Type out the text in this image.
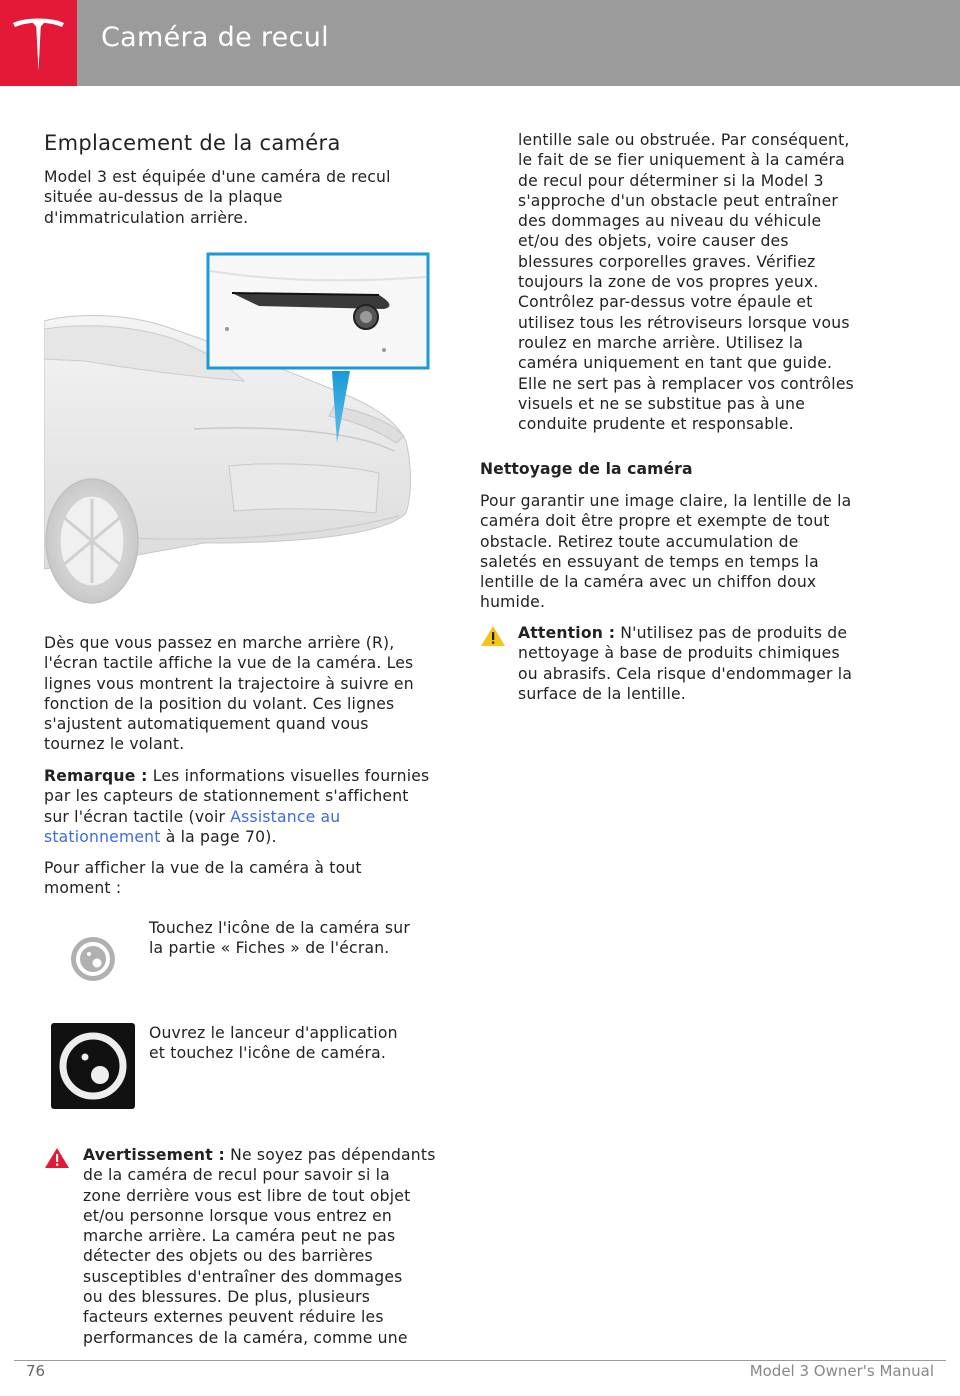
Caméra de recul
Emplacement de la caméra
Model 3 est équipée d'une caméra de recul
située au-dessus de la plaque
d'immatriculation arrière.
Dès que vous passez en marche arrière (R),
l'écran tactile affiche la vue de la caméra. Les
lignes vous montrent la trajectoire à suivre en
fonction de la position du volant. Ces lignes
s'ajustent automatiquement quand vous
tournez le volant.
Remarque : Les informations visuelles fournies
par les capteurs de stationnement s'affichent
sur l'écran tactile (voir Assistance au
stationnement à la page 70).
Pour afficher la vue de la caméra à tout
moment :
Touchez l'icône de la caméra sur
la partie « Fiches » de l'écran.
Ouvrez le lanceur d'application
et touchez l'icône de caméra.
Avertissement : Ne soyez pas dépendants
de la caméra de recul pour savoir si la
zone derrière vous est libre de tout objet
et/ou personne lorsque vous entrez en
marche arrière. La caméra peut ne pas
détecter des objets ou des barrières
susceptibles d'entraîner des dommages
ou des blessures. De plus, plusieurs
facteurs externes peuvent réduire les
performances de la caméra, comme une
lentille sale ou obstruée. Par conséquent,
le fait de se fier uniquement à la caméra
de recul pour déterminer si la Model 3
s'approche d'un obstacle peut entraîner
des dommages au niveau du véhicule
et/ou des objets, voire causer des
blessures corporelles graves. Vérifiez
toujours la zone de vos propres yeux.
Contrôlez par-dessus votre épaule et
utilisez tous les rétroviseurs lorsque vous
roulez en marche arrière. Utilisez la
caméra uniquement en tant que guide.
Elle ne sert pas à remplacer vos contrôles
visuels et ne se substitue pas à une
conduite prudente et responsable.
Nettoyage de la caméra
Pour garantir une image claire, la lentille de la
caméra doit être propre et exempte de tout
obstacle. Retirez toute accumulation de
saletés en essuyant de temps en temps la
lentille de la caméra avec un chiffon doux
humide.
Attention : N'utilisez pas de produits de
nettoyage à base de produits chimiques
ou abrasifs. Cela risque d'endommager la
surface de la lentille.
76	Model 3 Owner's Manual
